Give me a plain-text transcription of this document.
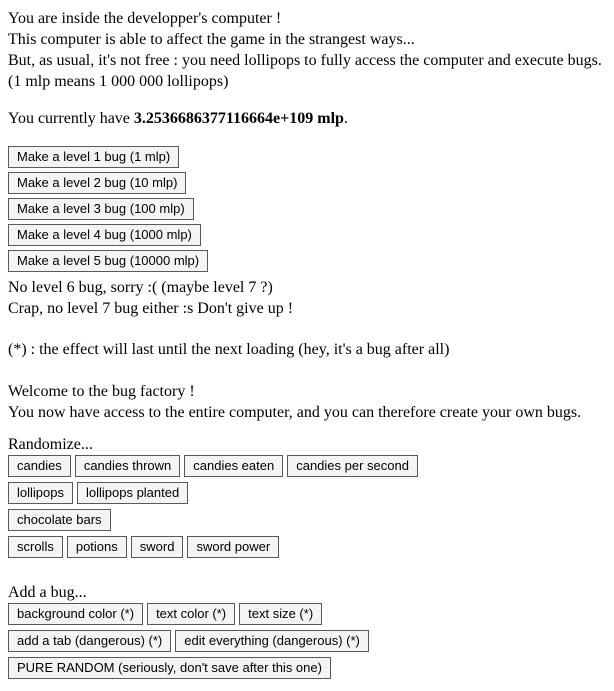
You are inside the developper's computer !
This computer is able to affect the game in the strangest ways...
But, as usual, it's not free : you need lollipops to fully access the computer and execute bugs.
(1 mlp means 1 000 000 lollipops)
You currently have 3.2536686377116664e+109 mlp.
Make a level 1 bug (1 mlp)
Make a level 2 bug (10 mlp)
Make a level 3 bug (100 mlp)
Make a level 4 bug (1000 mlp)
Make a level 5 bug (10000 mlp)
No level 6 bug, sorry :( (maybe level 7 ?)
Crap, no level 7 bug either :s Don't give up !
(*) : the effect will last until the next loading (hey, it's a bug after all)
Welcome to the bug factory !
You now have access to the entire computer, and you can therefore create your own bugs.
Randomize...
candies candies thrown candies eaten candies per second
lollipops lollipops planted
chocolate bars
scrolls potions sword sword power
Add a bug...
background color (*) text color (*) text size (*)
add a tab (dangerous) (*) edit everything (dangerous) (*)
PURE RANDOM (seriously, don't save after this one)
